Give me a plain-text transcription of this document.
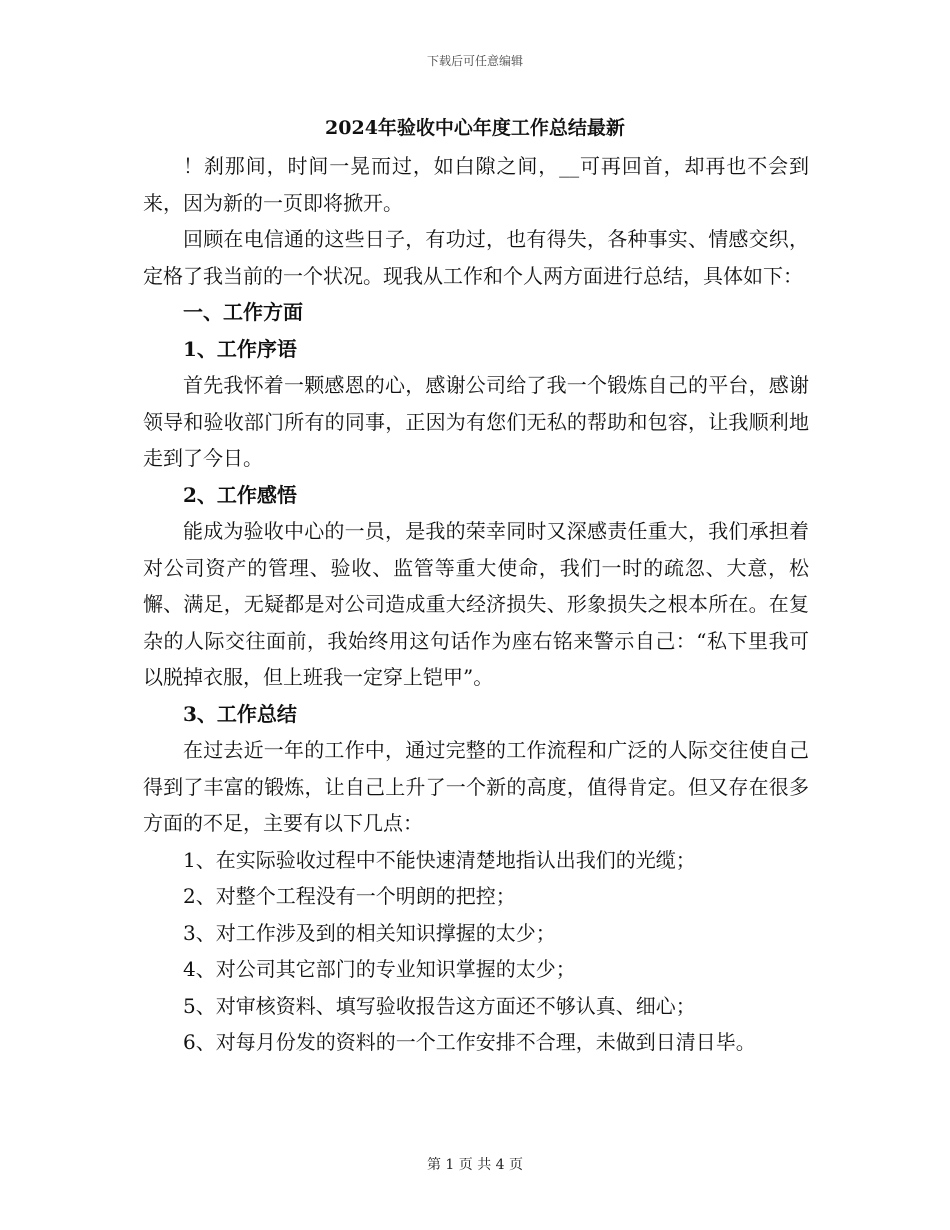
下载后可任意编辑
2024年验收中心年度工作总结最新

！刹那间，时间一晃而过，如白隙之间，__可再回首，却再也不会到来，因为新的一页即将掀开。

回顾在电信通的这些日子，有功过，也有得失，各种事实、情感交织，定格了我当前的一个状况。现我从工作和个人两方面进行总结，具体如下：

一、工作方面

1、工作序语

首先我怀着一颗感恩的心，感谢公司给了我一个锻炼自己的平台，感谢领导和验收部门所有的同事，正因为有您们无私的帮助和包容，让我顺利地走到了今日。

2、工作感悟

能成为验收中心的一员，是我的荣幸同时又深感责任重大，我们承担着对公司资产的管理、验收、监管等重大使命，我们一时的疏忽、大意，松懈、满足，无疑都是对公司造成重大经济损失、形象损失之根本所在。在复杂的人际交往面前，我始终用这句话作为座右铭来警示自己：“私下里我可以脱掉衣服，但上班我一定穿上铠甲”。

3、工作总结

在过去近一年的工作中，通过完整的工作流程和广泛的人际交往使自己得到了丰富的锻炼，让自己上升了一个新的高度，值得肯定。但又存在很多方面的不足，主要有以下几点：

1、在实际验收过程中不能快速清楚地指认出我们的光缆；

2、对整个工程没有一个明朗的把控；

3、对工作涉及到的相关知识撑握的太少；

4、对公司其它部门的专业知识掌握的太少；

5、对审核资料、填写验收报告这方面还不够认真、细心；

6、对每月份发的资料的一个工作安排不合理，未做到日清日毕。

第 1 页 共 4 页
